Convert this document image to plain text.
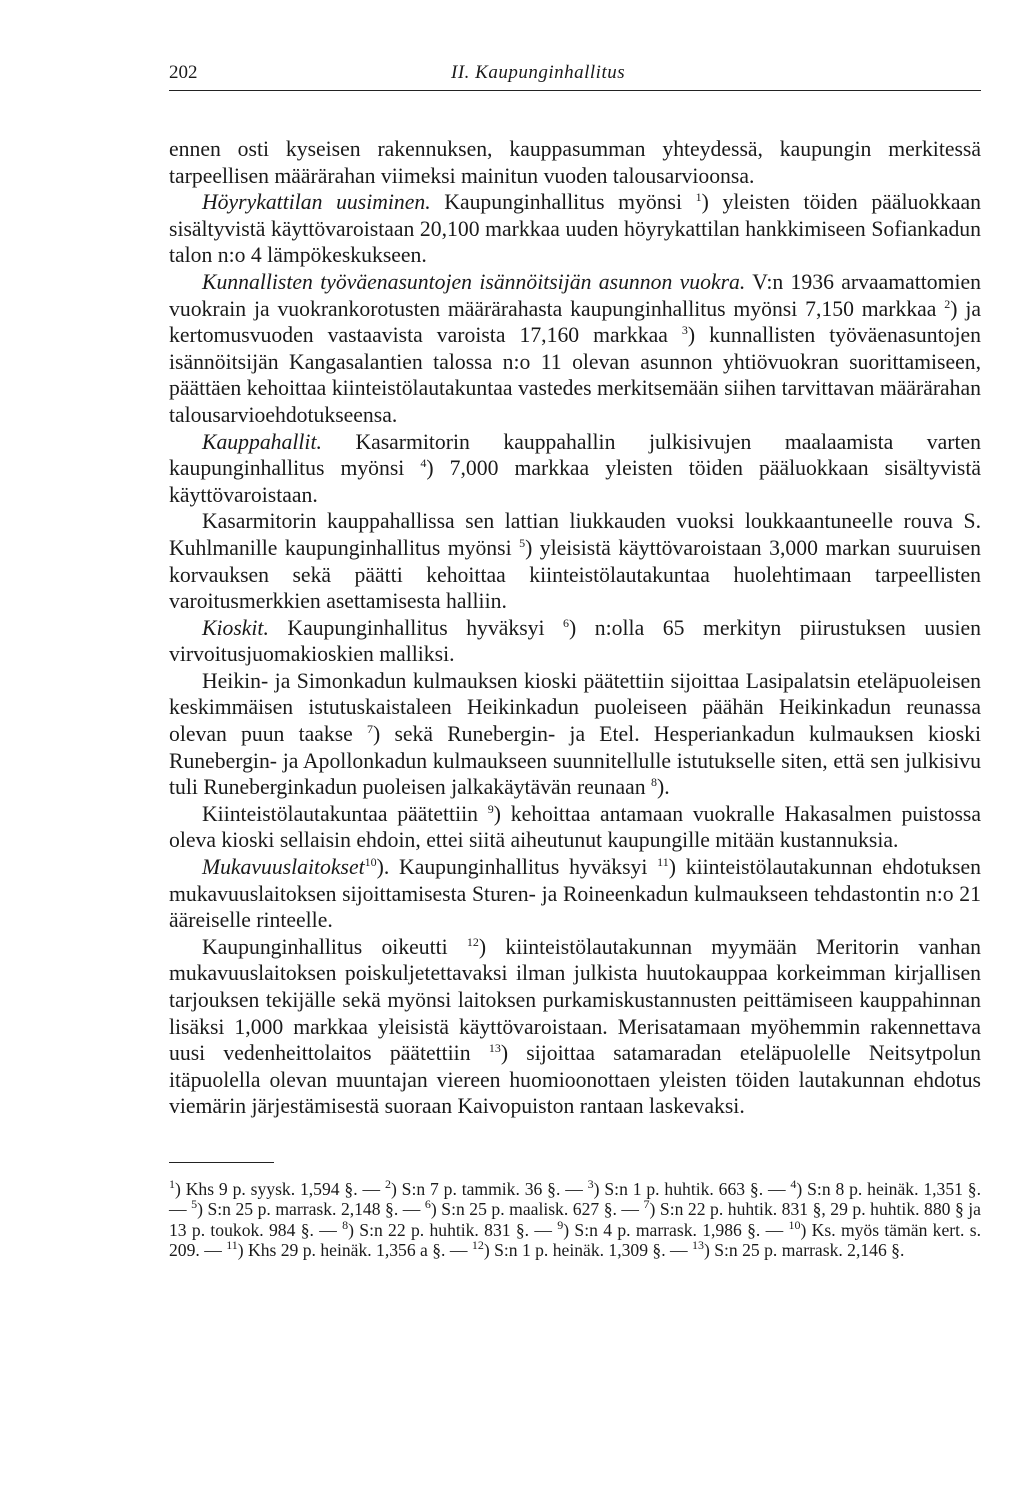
202	II. Kaupunginhallitus

ennen osti kyseisen rakennuksen, kauppasumman yhteydessä, kaupungin merkitessä tarpeellisen määrärahan viimeksi mainitun vuoden talousarvioonsa.

Höyrykattilan uusiminen. Kaupunginhallitus myönsi $^1$) yleisten töiden pääluokkaan sisältyvistä käyttövaroistaan 20,100 markkaa uuden höyrykattilan hankkimiseen Sofiankadun talon n:o 4 lämpökeskukseen.

Kunnallisten työväenasuntojen isännöitsijän asunnon vuokra. V:n 1936 arvaamattomien vuokrain ja vuokrankorotusten määrärahasta kaupunginhallitus myönsi 7,150 markkaa $^2$) ja kertomusvuoden vastaavista varoista 17,160 markkaa $^3$) kunnallisten työväenasuntojen isännöitsijän Kangasalantien talossa n:o 11 olevan asunnon yhtiövuokran suorittamiseen, päättäen kehoittaa kiinteistölautakuntaa vastedes merkitsemään siihen tarvittavan määrärahan talousarvioehdotukseensa.

Kauppahallit. Kasarmitorin kauppahallin julkisivujen maalaamista varten kaupunginhallitus myönsi $^4$) 7,000 markkaa yleisten töiden pääluokkaan sisältyvistä käyttövaroistaan.

Kasarmitorin kauppahallissa sen lattian liukkauden vuoksi loukkaantuneelle rouva S. Kuhlmanille kaupunginhallitus myönsi $^5$) yleisistä käyttövaroistaan 3,000 markan suuruisen korvauksen sekä päätti kehoittaa kiinteistölautakuntaa huolehtimaan tarpeellisten varoitusmerkkien asettamisesta halliin.

Kioskit. Kaupunginhallitus hyväksyi $^6$) n:olla 65 merkityn piirustuksen uusien virvoitusjuomakioskien malliksi.

Heikin- ja Simonkadun kulmauksen kioski päätettiin sijoittaa Lasipalatsin eteläpuoleisen keskimmäisen istutuskaistaleen Heikinkadun puoleiseen päähän Heikinkadun reunassa olevan puun taakse $^7$) sekä Runebergin- ja Etel. Hesperiankadun kulmauksen kioski Runebergin- ja Apollonkadun kulmaukseen suunnitellulle istutukselle siten, että sen julkisivu tuli Runeberginkadun puoleisen jalkakäytävän reunaan $^8$).

Kiinteistölautakuntaa päätettiin $^9$) kehoittaa antamaan vuokralle Hakasalmen puistossa oleva kioski sellaisin ehdoin, ettei siitä aiheutunut kaupungille mitään kustannuksia.

Mukavuuslaitokset$^{10}$). Kaupunginhallitus hyväksyi $^{11}$) kiinteistölautakunnan ehdotuksen mukavuuslaitoksen sijoittamisesta Sturen- ja Roineenkadun kulmaukseen tehdastontin n:o 21 ääreiselle rinteelle.

Kaupunginhallitus oikeutti $^{12}$) kiinteistölautakunnan myymään Meritorin vanhan mukavuuslaitoksen poiskuljetettavaksi ilman julkista huutokauppaa korkeimman kirjallisen tarjouksen tekijälle sekä myönsi laitoksen purkamiskustannusten peittämiseen kauppahinnan lisäksi 1,000 markkaa yleisistä käyttövaroistaan. Merisatamaan myöhemmin rakennettava uusi vedenheittolaitos päätettiin $^{13}$) sijoittaa satamaradan eteläpuolelle Neitsytpolun itäpuolella olevan muuntajan viereen huomioonottaen yleisten töiden lautakunnan ehdotus viemärin järjestämisestä suoraan Kaivopuiston rantaan laskevaksi.

$^1$) Khs 9 p. syysk. 1,594 §. — $^2$) S:n 7 p. tammik. 36 §. — $^3$) S:n 1 p. huhtik. 663 §. — $^4$) S:n 8 p. heinäk. 1,351 §. — $^5$) S:n 25 p. marrask. 2,148 §. — $^6$) S:n 25 p. maalisk. 627 §. — $^7$) S:n 22 p. huhtik. 831 §, 29 p. huhtik. 880 § ja 13 p. toukok. 984 §. — $^8$) S:n 22 p. huhtik. 831 §. — $^9$) S:n 4 p. marrask. 1,986 §. — $^{10}$) Ks. myös tämän kert. s. 209. — $^{11}$) Khs 29 p. heinäk. 1,356 a §. — $^{12}$) S:n 1 p. heinäk. 1,309 §. — $^{13}$) S:n 25 p. marrask. 2,146 §.
